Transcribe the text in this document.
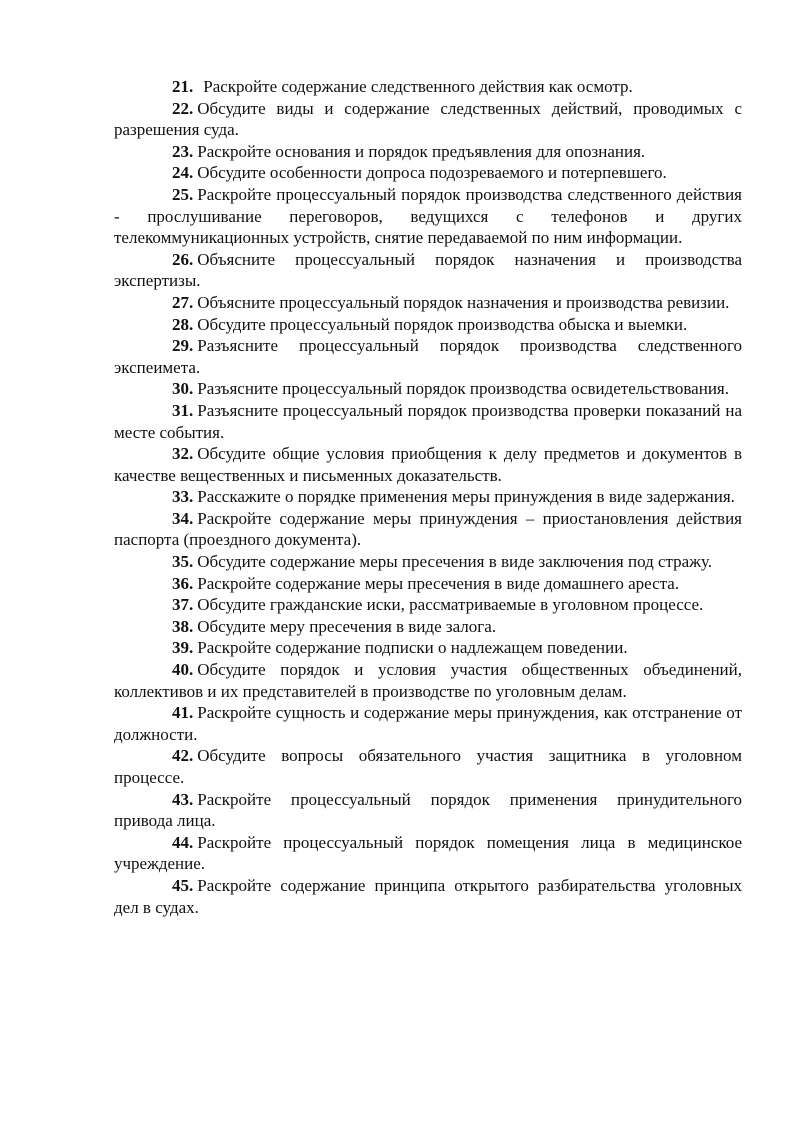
21. Раскройте содержание следственного действия как осмотр.

22. Обсудите виды и содержание следственных действий, проводимых с разрешения суда.

23. Раскройте основания и порядок предъявления для опознания.

24. Обсудите особенности допроса подозреваемого и потерпевшего.

25. Раскройте процессуальный порядок производства следственного действия - прослушивание переговоров, ведущихся с телефонов и других телекоммуникационных устройств, снятие передаваемой по ним информации.

26. Объясните процессуальный порядок назначения и производства экспертизы.

27. Объясните процессуальный порядок назначения и производства ревизии.

28. Обсудите процессуальный порядок производства обыска и выемки.

29. Разъясните процессуальный порядок производства следственного экспеимета.

30. Разъясните процессуальный порядок производства освидетельствования.

31. Разъясните процессуальный порядок производства проверки показаний на месте события.

32. Обсудите общие условия приобщения к делу предметов и документов в качестве вещественных и письменных доказательств.

33. Расскажите о порядке применения меры принуждения в виде задержания.

34. Раскройте содержание меры принуждения – приостановления действия паспорта (проездного документа).

35. Обсудите содержание меры пресечения в виде заключения под стражу.

36. Раскройте содержание меры пресечения в виде домашнего ареста.

37. Обсудите гражданские иски, рассматриваемые в уголовном процессе.

38. Обсудите меру пресечения в виде залога.

39. Раскройте содержание подписки о надлежащем поведении.

40. Обсудите порядок и условия участия общественных объединений, коллективов и их представителей в производстве по уголовным делам.

41. Раскройте сущность и содержание меры принуждения, как отстранение от должности.

42. Обсудите вопросы обязательного участия защитника в уголовном процессе.

43. Раскройте процессуальный порядок применения принудительного привода лица.

44. Раскройте процессуальный порядок помещения лица в медицинское учреждение.

45. Раскройте содержание принципа открытого разбирательства уголовных дел в судах.
